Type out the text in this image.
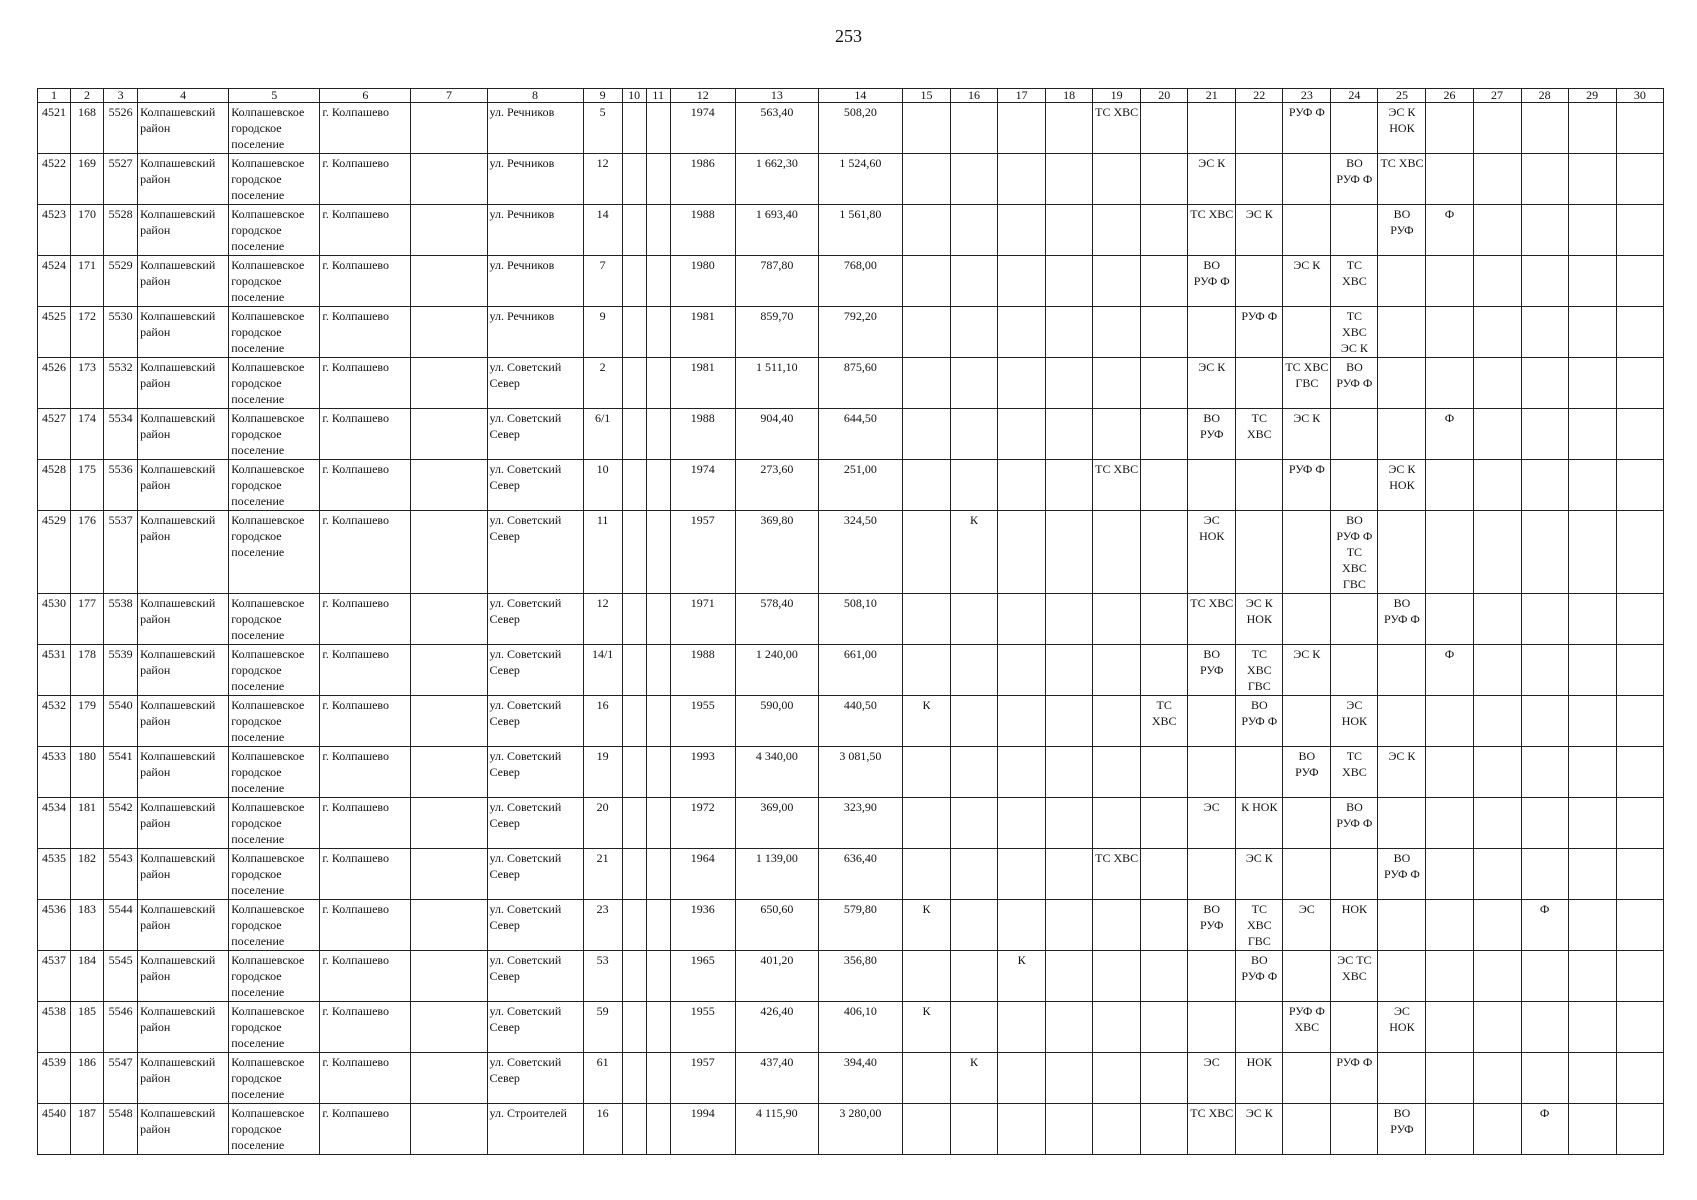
253
1	2	3	4	5	6	7	8	9	10	11	12	13	14	15	16	17	18	19	20	21	22	23	24	25	26	27	28	29	30
4521	168	5526	Колпашевский район	Колпашевское городское поселение	г. Колпашево		ул. Речников	5			1974	563,40	508,20					ТС ХВС				РУФ Ф		ЭС К НОК					
4522	169	5527	Колпашевский район	Колпашевское городское поселение	г. Колпашево		ул. Речников	12			1986	1 662,30	1 524,60							ЭС К			ВО РУФ Ф	ТС ХВС					
4523	170	5528	Колпашевский район	Колпашевское городское поселение	г. Колпашево		ул. Речников	14			1988	1 693,40	1 561,80							ТС ХВС	ЭС К			ВО РУФ	Ф				
4524	171	5529	Колпашевский район	Колпашевское городское поселение	г. Колпашево		ул. Речников	7			1980	787,80	768,00							ВО РУФ Ф		ЭС К	ТС ХВС						
4525	172	5530	Колпашевский район	Колпашевское городское поселение	г. Колпашево		ул. Речников	9			1981	859,70	792,20								РУФ Ф		ТС ХВС ЭС К						
4526	173	5532	Колпашевский район	Колпашевское городское поселение	г. Колпашево		ул. Советский Север	2			1981	1 511,10	875,60							ЭС К		ТС ХВС ГВС	ВО РУФ Ф						
4527	174	5534	Колпашевский район	Колпашевское городское поселение	г. Колпашево		ул. Советский Север	6/1			1988	904,40	644,50							ВО РУФ	ТС ХВС	ЭС К			Ф				
4528	175	5536	Колпашевский район	Колпашевское городское поселение	г. Колпашево		ул. Советский Север	10			1974	273,60	251,00					ТС ХВС				РУФ Ф		ЭС К НОК					
4529	176	5537	Колпашевский район	Колпашевское городское поселение	г. Колпашево		ул. Советский Север	11			1957	369,80	324,50		К					ЭС НОК			ВО РУФ Ф ТС ХВС ГВС						
4530	177	5538	Колпашевский район	Колпашевское городское поселение	г. Колпашево		ул. Советский Север	12			1971	578,40	508,10							ТС ХВС	ЭС К НОК			ВО РУФ Ф					
4531	178	5539	Колпашевский район	Колпашевское городское поселение	г. Колпашево		ул. Советский Север	14/1			1988	1 240,00	661,00							ВО РУФ	ТС ХВС ГВС	ЭС К			Ф				
4532	179	5540	Колпашевский район	Колпашевское городское поселение	г. Колпашево		ул. Советский Север	16			1955	590,00	440,50	К					ТС ХВС		ВО РУФ Ф		ЭС НОК						
4533	180	5541	Колпашевский район	Колпашевское городское поселение	г. Колпашево		ул. Советский Север	19			1993	4 340,00	3 081,50									ВО РУФ	ТС ХВС	ЭС К					
4534	181	5542	Колпашевский район	Колпашевское городское поселение	г. Колпашево		ул. Советский Север	20			1972	369,00	323,90							ЭС	К НОК		ВО РУФ Ф						
4535	182	5543	Колпашевский район	Колпашевское городское поселение	г. Колпашево		ул. Советский Север	21			1964	1 139,00	636,40					ТС ХВС			ЭС К			ВО РУФ Ф					
4536	183	5544	Колпашевский район	Колпашевское городское поселение	г. Колпашево		ул. Советский Север	23			1936	650,60	579,80	К						ВО РУФ	ТС ХВС ГВС	ЭС	НОК				Ф		
4537	184	5545	Колпашевский район	Колпашевское городское поселение	г. Колпашево		ул. Советский Север	53			1965	401,20	356,80			К					ВО РУФ Ф		ЭС ТС ХВС						
4538	185	5546	Колпашевский район	Колпашевское городское поселение	г. Колпашево		ул. Советский Север	59			1955	426,40	406,10	К								РУФ Ф ХВС		ЭС НОК					
4539	186	5547	Колпашевский район	Колпашевское городское поселение	г. Колпашево		ул. Советский Север	61			1957	437,40	394,40		К					ЭС	НОК		РУФ Ф						
4540	187	5548	Колпашевский район	Колпашевское городское поселение	г. Колпашево		ул. Строителей	16			1994	4 115,90	3 280,00							ТС ХВС	ЭС К			ВО РУФ			Ф		
